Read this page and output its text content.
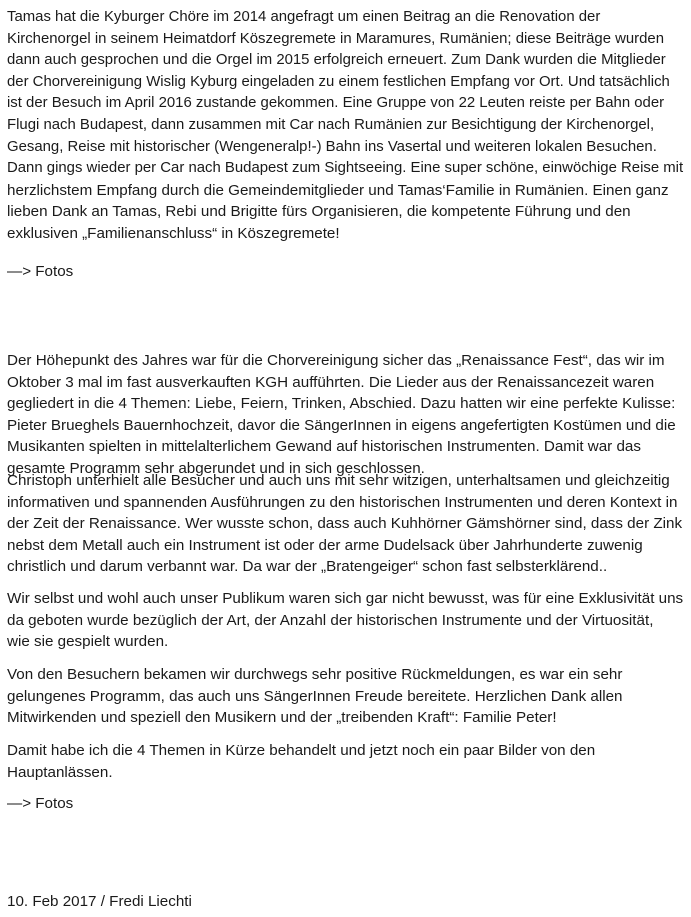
Tamas hat die Kyburger Chöre im 2014 angefragt um einen Beitrag an die Renovation der
Kirchenorgel in seinem Heimatdorf Köszegremete in Maramures, Rumänien; diese Beiträge wurden
dann auch gesprochen und die Orgel im 2015 erfolgreich erneuert. Zum Dank wurden die Mitglieder
der Chorvereinigung Wislig Kyburg eingeladen zu einem festlichen Empfang vor Ort. Und tatsächlich
ist der Besuch im April 2016 zustande gekommen. Eine Gruppe von 22 Leuten reiste per Bahn oder
Flugi nach Budapest, dann zusammen mit Car nach Rumänien zur Besichtigung der Kirchenorgel,
Gesang, Reise mit historischer (Wengeneralp!-) Bahn ins Vasertal und weiteren lokalen Besuchen.
Dann gings wieder per Car nach Budapest zum Sightseeing. Eine super schöne, einwöchige Reise mit
herzlichstem Empfang durch die Gemeindemitglieder und Tamas‘Familie in Rumänien. Einen ganz
lieben Dank an Tamas, Rebi und Brigitte fürs Organisieren, die kompetente Führung und den
exklusiven „Familienanschluss“ in Köszegremete!

—> Fotos

Der Höhepunkt des Jahres war für die Chorvereinigung sicher das „Renaissance Fest“, das wir im
Oktober 3 mal im fast ausverkauften KGH aufführten. Die Lieder aus der Renaissancezeit waren
gegliedert in die 4 Themen: Liebe, Feiern, Trinken, Abschied. Dazu hatten wir eine perfekte Kulisse:
Pieter Brueghels Bauernhochzeit, davor die SängerInnen in eigens angefertigten Kostümen und die
Musikanten spielten in mittelalterlichem Gewand auf historischen Instrumenten. Damit war das
gesamte Programm sehr abgerundet und in sich geschlossen.

Christoph unterhielt alle Besucher und auch uns mit sehr witzigen, unterhaltsamen und gleichzeitig
informativen und spannenden Ausführungen zu den historischen Instrumenten und deren Kontext in
der Zeit der Renaissance. Wer wusste schon, dass auch Kuhhörner Gämshörner sind, dass der Zink
nebst dem Metall auch ein Instrument ist oder der arme Dudelsack über Jahrhunderte zuwenig
christlich und darum verbannt war. Da war der „Bratengeiger“ schon fast selbsterklärend..

Wir selbst und wohl auch unser Publikum waren sich gar nicht bewusst, was für eine Exklusivität uns
da geboten wurde bezüglich der Art, der Anzahl der historischen Instrumente und der Virtuosität,
wie sie gespielt wurden.

Von den Besuchern bekamen wir durchwegs sehr positive Rückmeldungen, es war ein sehr
gelungenes Programm, das auch uns SängerInnen Freude bereitete. Herzlichen Dank allen
Mitwirkenden und speziell den Musikern und der „treibenden Kraft“: Familie Peter!

Damit habe ich die 4 Themen in Kürze behandelt und jetzt noch ein paar Bilder von den
Hauptanlässen.

—> Fotos

10. Feb 2017 / Fredi Liechti
